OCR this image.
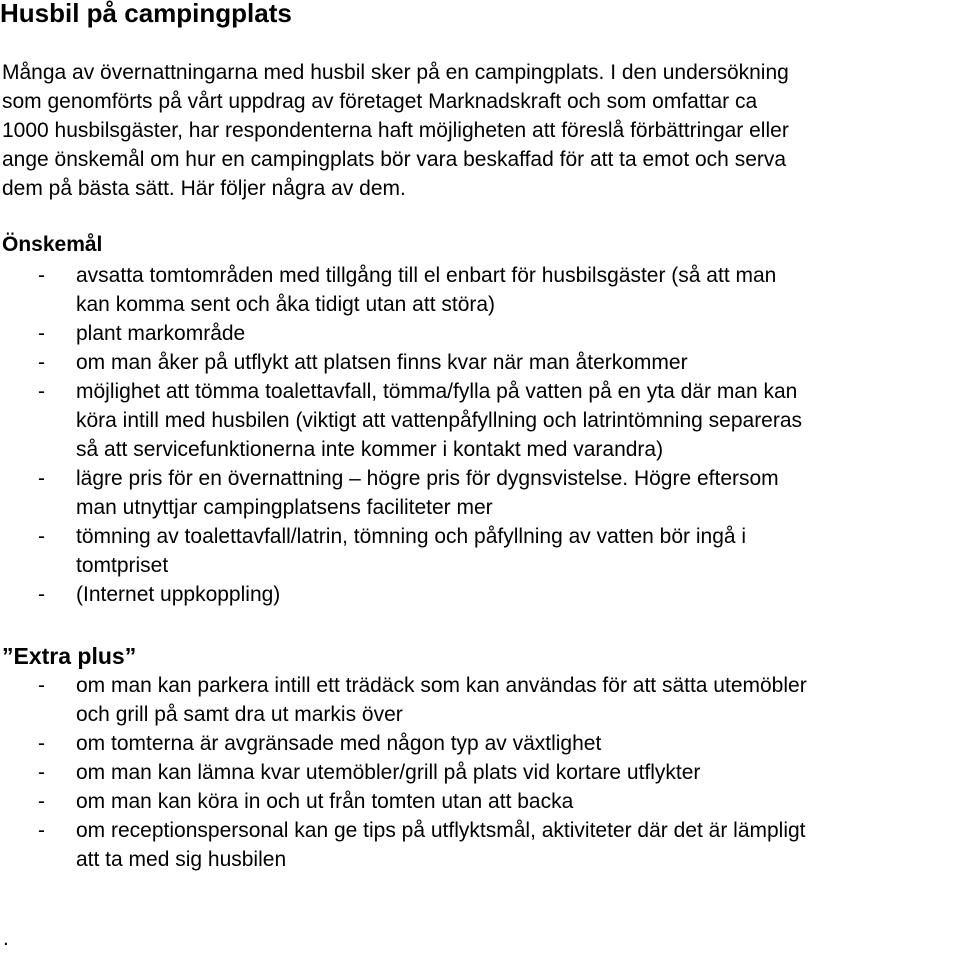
Husbil på campingplats

Många av övernattningarna med husbil sker på en campingplats. I den undersökning
som genomförts på vårt uppdrag av företaget Marknadskraft och som omfattar ca
1000 husbilsgäster, har respondenterna haft möjligheten att föreslå förbättringar eller
ange önskemål om hur en campingplats bör vara beskaffad för att ta emot och serva
dem på bästa sätt. Här följer några av dem.

Önskemål
- avsatta tomtområden med tillgång till el enbart för husbilsgäster (så att man
kan komma sent och åka tidigt utan att störa)
- plant markområde
- om man åker på utflykt att platsen finns kvar när man återkommer
- möjlighet att tömma toalettavfall, tömma/fylla på vatten på en yta där man kan
köra intill med husbilen (viktigt att vattenpåfyllning och latrintömning separeras
så att servicefunktionerna inte kommer i kontakt med varandra)
- lägre pris för en övernattning – högre pris för dygnsvistelse. Högre eftersom
man utnyttjar campingplatsens faciliteter mer
- tömning av toalettavfall/latrin, tömning och påfyllning av vatten bör ingå i
tomtpriset
- (Internet uppkoppling)
”Extra plus”
- om man kan parkera intill ett trädäck som kan användas för att sätta utemöbler
och grill på samt dra ut markis över
- om tomterna är avgränsade med någon typ av växtlighet
- om man kan lämna kvar utemöbler/grill på plats vid kortare utflykter
- om man kan köra in och ut från tomten utan att backa
- om receptionspersonal kan ge tips på utflyktsmål, aktiviteter där det är lämpligt
att ta med sig husbilen

.
